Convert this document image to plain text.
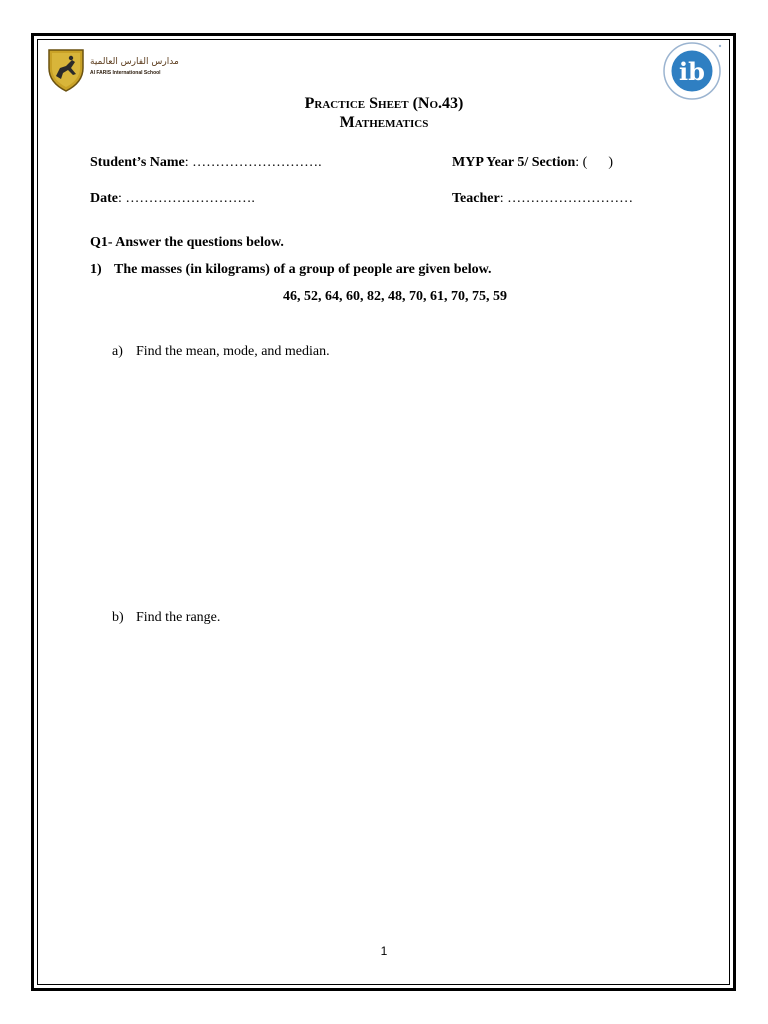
مدارس الفارس العالمية
Al FARIS International School	ib
Practice Sheet (No.43)
Mathematics
Student’s Name: ……………………….	MYP Year 5/ Section: (      )
Date: ……………………….	Teacher: ………………………
Q1- Answer the questions below.
1) The masses (in kilograms) of a group of people are given below.
46, 52, 64, 60, 82, 48, 70, 61, 70, 75, 59
a) Find the mean, mode, and median.
b) Find the range.
1
